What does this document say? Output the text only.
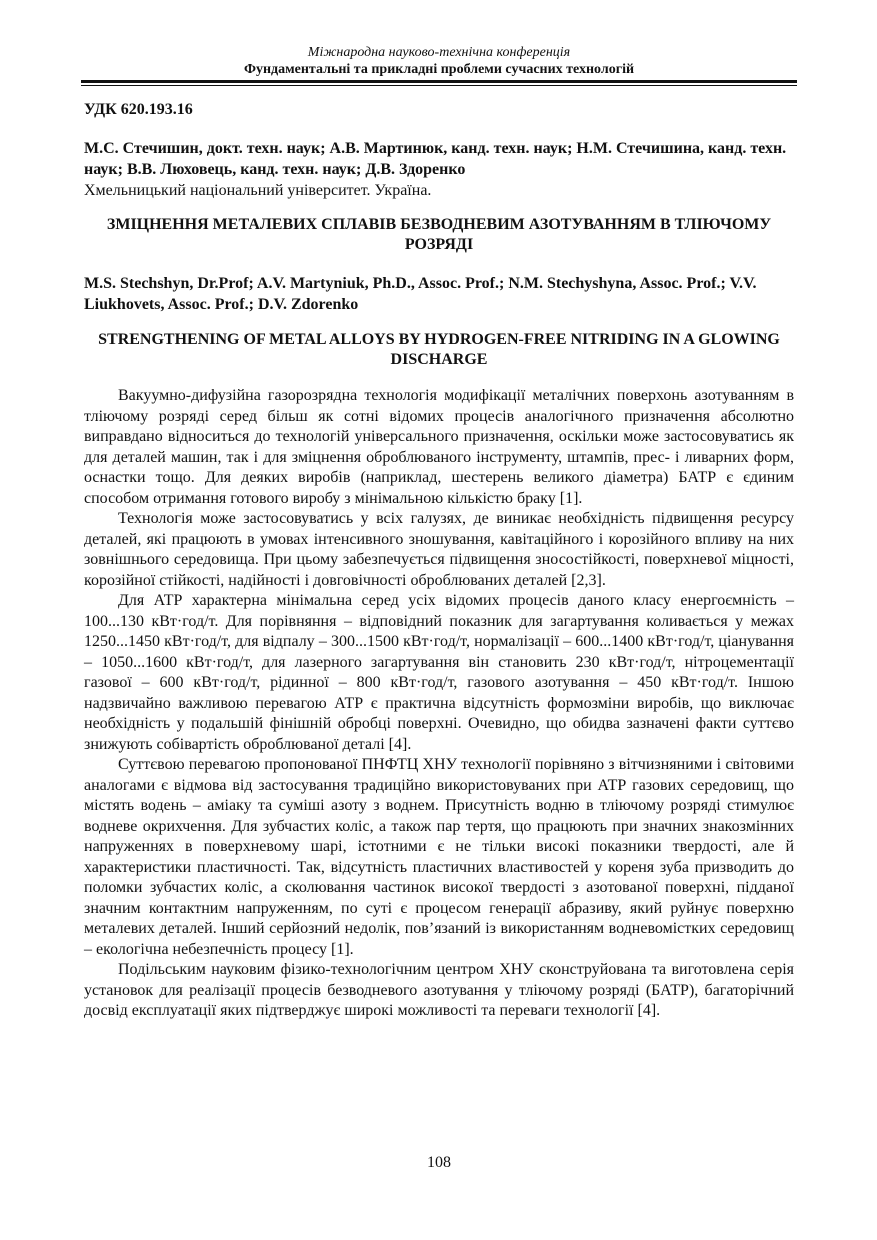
Міжнародна науково-технічна конференція
Фундаментальні та прикладні проблеми сучасних технологій
УДК 620.193.16
М.С. Стечишин, докт. техн. наук; А.В. Мартинюк, канд. техн. наук; Н.М. Стечишина, канд. техн. наук; В.В. Люховець, канд. техн. наук; Д.В. Здоренко
Хмельницький національний університет. Україна.
ЗМІЦНЕННЯ МЕТАЛЕВИХ СПЛАВІВ БЕЗВОДНЕВИМ АЗОТУВАННЯМ В ТЛІЮЧОМУ РОЗРЯДІ
M.S. Stechshyn, Dr.Prof; A.V. Martyniuk, Ph.D., Assoc. Prof.; N.M. Stechyshyna, Assoc. Prof.; V.V. Liukhovets, Assoc. Prof.; D.V. Zdorenko
STRENGTHENING OF METAL ALLOYS BY HYDROGEN-FREE NITRIDING IN A GLOWING DISCHARGE

Вакуумно-дифузійна газорозрядна технологія модифікації металічних поверхонь азотуванням в тліючому розряді серед більш як сотні відомих процесів аналогічного призначення абсолютно виправдано відноситься до технологій універсального призначення, оскільки може застосовуватись як для деталей машин, так і для зміцнення оброблюваного інструменту, штампів, прес- і ливарних форм, оснастки тощо. Для деяких виробів (наприклад, шестерень великого діаметра) БАТР є єдиним способом отримання готового виробу з мінімальною кількістю браку [1].

Технологія може застосовуватись у всіх галузях, де виникає необхідність підвищення ресурсу деталей, які працюють в умовах інтенсивного зношування, кавітаційного і корозійного впливу на них зовнішнього середовища. При цьому забезпечується підвищення зносостійкості, поверхневої міцності, корозійної стійкості, надійності і довговічності оброблюваних деталей [2,3].

Для АТР характерна мінімальна серед усіх відомих процесів даного класу енергоємність – 100...130 кВт·год/т. Для порівняння – відповідний показник для загартування коливається у межах 1250...1450 кВт·год/т, для відпалу – 300...1500 кВт·год/т, нормалізації – 600...1400 кВт·год/т, ціанування – 1050...1600 кВт·год/т, для лазерного загартування він становить 230 кВт·год/т, нітроцементації газової – 600 кВт·год/т, рідинної – 800 кВт·год/т, газового азотування – 450 кВт·год/т. Іншою надзвичайно важливою перевагою АТР є практична відсутність формозміни виробів, що виключає необхідність у подальшій фінішній обробці поверхні. Очевидно, що обидва зазначені факти суттєво знижують собівартість оброблюваної деталі [4].

Суттєвою перевагою пропонованої ПНФТЦ ХНУ технології порівняно з вітчизняними і світовими аналогами є відмова від застосування традиційно використовуваних при АТР газових середовищ, що містять водень – аміаку та суміші азоту з воднем. Присутність водню в тліючому розряді стимулює водневе окрихчення. Для зубчастих коліс, а також пар тертя, що працюють при значних знакозмінних напруженнях в поверхневому шарі, істотними є не тільки високі показники твердості, але й характеристики пластичності. Так, відсутність пластичних властивостей у кореня зуба призводить до поломки зубчастих коліс, а сколювання частинок високої твердості з азотованої поверхні, підданої значним контактним напруженням, по суті є процесом генерації абразиву, який руйнує поверхню металевих деталей. Інший серйозний недолік, пов’язаний із використанням водневомістких середовищ – екологічна небезпечність процесу [1].

Подільським науковим фізико-технологічним центром ХНУ сконструйована та виготовлена серія установок для реалізації процесів безводневого азотування у тліючому розряді (БАТР), багаторічний досвід експлуатації яких підтверджує широкі можливості та переваги технології [4].

108
